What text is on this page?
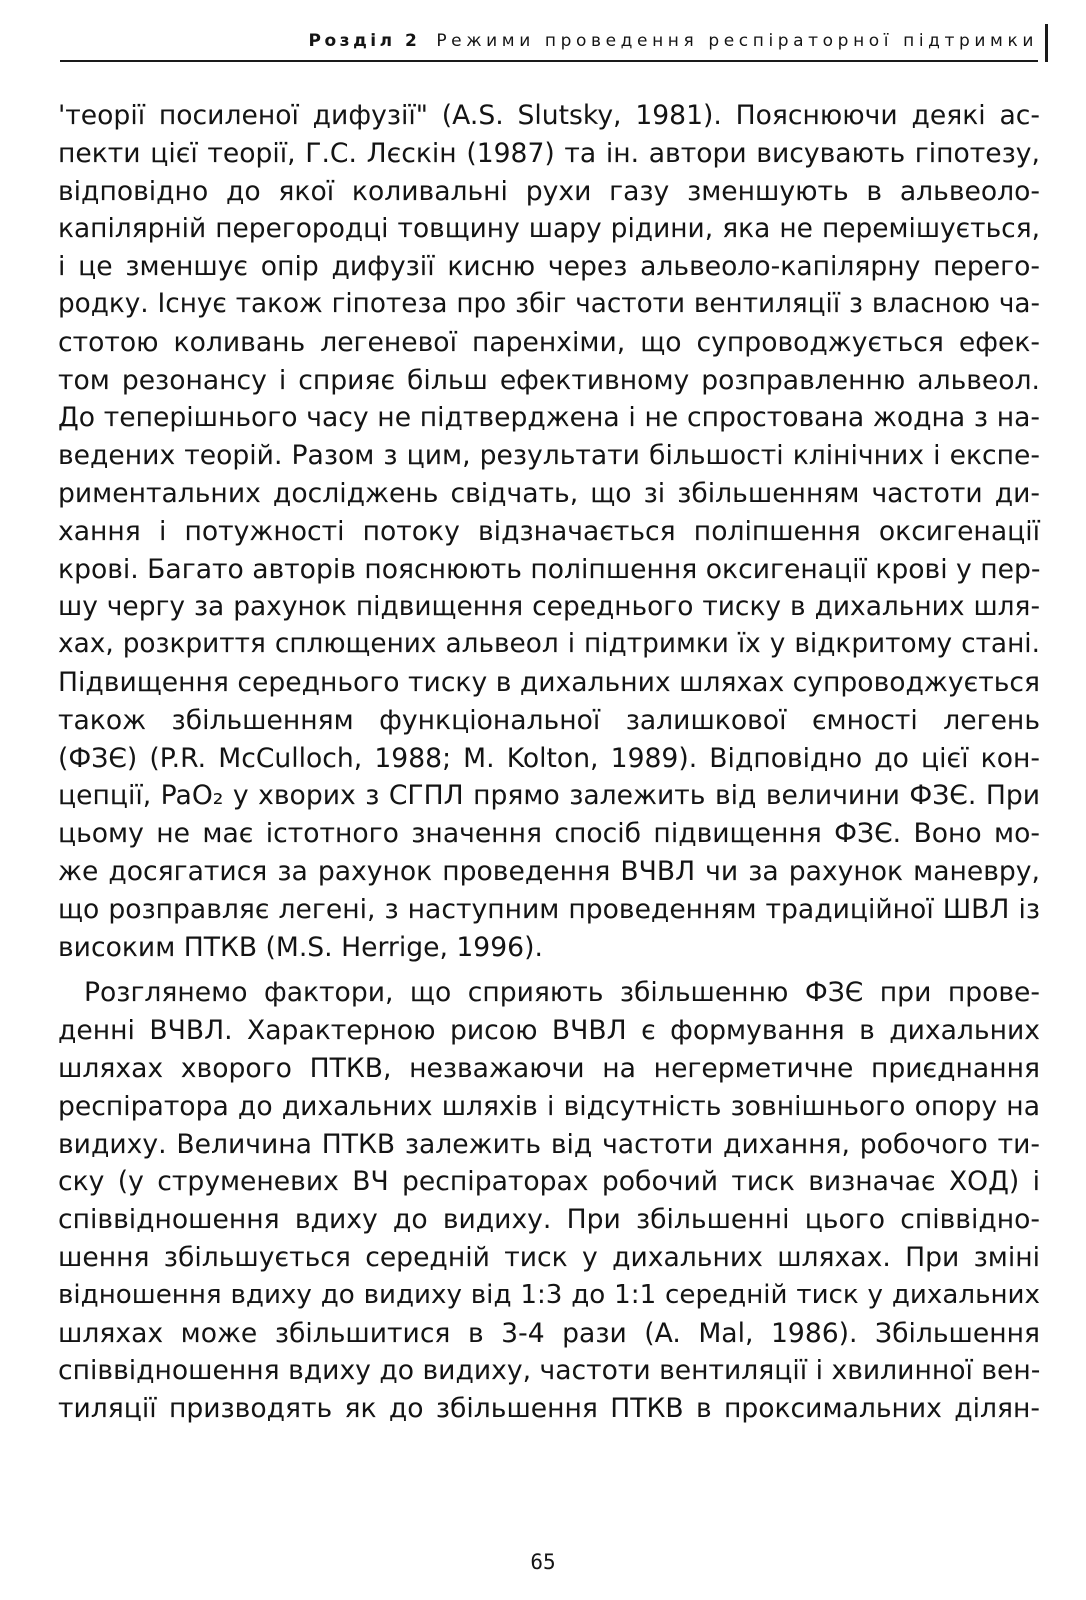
Розділ 2 Режими проведення респіраторної підтримки

'теорії посиленої дифузії" (A.S. Slutsky, 1981). Пояснюючи деякі ас-
пекти цієї теорії, Г.С. Лєскін (1987) та ін. автори висувають гіпотезу,
відповідно до якої коливальні рухи газу зменшують в альвеоло-
капілярній перегородці товщину шару рідини, яка не перемішується,
і це зменшує опір дифузії кисню через альвеоло-капілярну перего-
родку. Існує також гіпотеза про збіг частоти вентиляції з власною ча-
стотою коливань легеневої паренхіми, що супроводжується ефек-
том резонансу і сприяє більш ефективному розправленню альвеол.
До теперішнього часу не підтверджена і не спростована жодна з на-
ведених теорій. Разом з цим, результати більшості клінічних і експе-
риментальних досліджень свідчать, що зі збільшенням частоти ди-
хання і потужності потоку відзначається поліпшення оксигенації
крові. Багато авторів пояснюють поліпшення оксигенації крові у пер-
шу чергу за рахунок підвищення середнього тиску в дихальних шля-
хах, розкриття сплющених альвеол і підтримки їх у відкритому стані.
Підвищення середнього тиску в дихальних шляхах супроводжується
також збільшенням функціональної залишкової ємності легень
(ФЗЄ) (P.R. McCulloch, 1988; M. Kolton, 1989). Відповідно до цієї кон-
цепції, PaO₂ у хворих з СГПЛ прямо залежить від величини ФЗЄ. При
цьому не має істотного значення спосіб підвищення ФЗЄ. Воно мо-
же досягатися за рахунок проведення ВЧВЛ чи за рахунок маневру,
що розправляє легені, з наступним проведенням традиційної ШВЛ із
високим ПТКВ (M.S. Herrige, 1996).

Розглянемо фактори, що сприяють збільшенню ФЗЄ при прове-
денні ВЧВЛ. Характерною рисою ВЧВЛ є формування в дихальних
шляхах хворого ПТКВ, незважаючи на негерметичне приєднання
респіратора до дихальних шляхів і відсутність зовнішнього опору на
видиху. Величина ПТКВ залежить від частоти дихання, робочого ти-
ску (у струменевих ВЧ респіраторах робочий тиск визначає ХОД) і
співвідношення вдиху до видиху. При збільшенні цього співвідно-
шення збільшується середній тиск у дихальних шляхах. При зміні
відношення вдиху до видиху від 1:3 до 1:1 середній тиск у дихальних
шляхах може збільшитися в 3-4 рази (A. Mal, 1986). Збільшення
співвідношення вдиху до видиху, частоти вентиляції і хвилинної вен-
тиляції призводять як до збільшення ПТКВ в проксимальних ділян-

65
